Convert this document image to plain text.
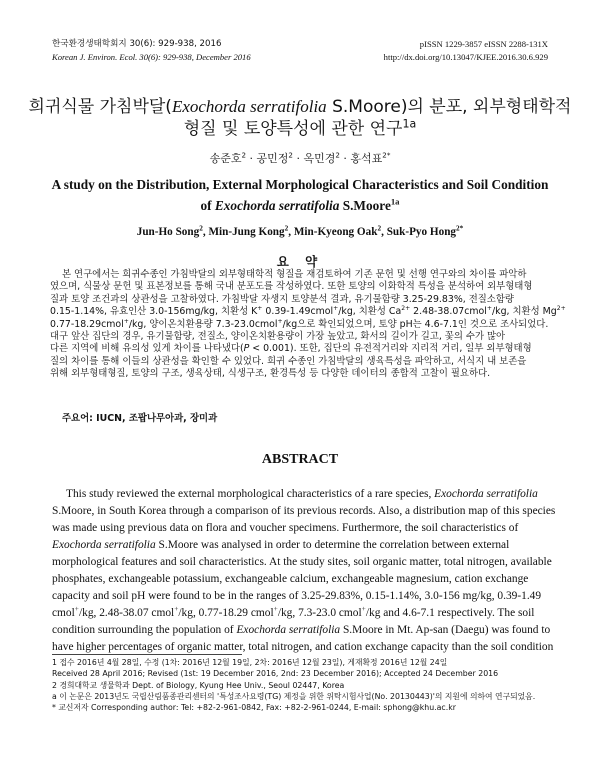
한국환경생태학회지 30(6): 929-938, 2016
Korean J. Environ. Ecol. 30(6): 929-938, December 2016
pISSN 1229-3857 eISSN 2288-131X
http://dx.doi.org/10.13047/KJEE.2016.30.6.929
희귀식물 가침박달(Exochorda serratifolia S.Moore)의 분포, 외부형태학적
형질 및 토양특성에 관한 연구$^{1a}$
송준호$^2$ · 공민정$^2$ · 옥민경$^2$ · 홍석표$^{2*}$
A study on the Distribution, External Morphological Characteristics and Soil Condition
of Exochorda serratifolia S.Moore$^{1a}$
Jun-Ho Song$^2$, Min-Jung Kong$^2$, Min-Kyeong Oak$^2$, Suk-Pyo Hong$^{2*}$
요 약
본 연구에서는 희귀수종인 가침박달의 외부형태학적 형질을 재검토하여 기존 문헌 및 선행 연구와의 차이를 파악하
였으며, 식물상 문헌 및 표본정보를 통해 국내 분포도를 작성하였다. 또한 토양의 이화학적 특성을 분석하여 외부형태형
질과 토양 조건과의 상관성을 고찰하였다. 가침박달 자생지 토양분석 결과, 유기물함량 3.25-29.83%, 전질소함량
0.15-1.14%, 유효인산 3.0-156mg/kg, 치환성 K+ 0.39-1.49cmol+/kg, 치환성 $Ca^{2+}$ 2.48-38.07cmol+/kg, 치환성 $Mg^{2+}$
0.77-18.29cmol+/kg, 양이온치환용량 7.3-23.0cmol+/kg으로 확인되었으며, 토양 pH는 4.6-7.1인 것으로 조사되었다.
대구 앞산 집단의 경우, 유기물함량, 전질소, 양이온치환용량이 가장 높았고, 화서의 길이가 길고, 꽃의 수가 많아
다른 지역에 비해 유의성 있게 차이를 나타냈다(P < 0.001). 또한, 집단의 유전적거리와 지리적 거리, 일부 외부형태형
질의 차이를 통해 이들의 상관성을 확인할 수 있었다. 희귀 수종인 가침박달의 생육특성을 파악하고, 서식지 내 보존을
위해 외부형태형질, 토양의 구조, 생육상태, 식생구조, 환경특성 등 다양한 데이터의 종합적 고찰이 필요하다.
주요어: IUCN, 조팝나무아과, 장미과
ABSTRACT
This study reviewed the external morphological characteristics of a rare species, Exochorda serratifolia
S.Moore, in South Korea through a comparison of its previous records. Also, a distribution map of this species
was made using previous data on flora and voucher specimens. Furthermore, the soil characteristics of
Exochorda serratifolia S.Moore was analysed in order to determine the correlation between external
morphological features and soil characteristics. At the study sites, soil organic matter, total nitrogen, available
phosphates, exchangeable potassium, exchangeable calcium, exchangeable magnesium, cation exchange
capacity and soil pH were found to be in the ranges of 3.25-29.83%, 0.15-1.14%, 3.0-156 mg/kg, 0.39-1.49
cmol+/kg, 2.48-38.07 cmol+/kg, 0.77-18.29 cmol+/kg, 7.3-23.0 cmol+/kg and 4.6-7.1 respectively. The soil
condition surrounding the population of Exochorda serratifolia S.Moore in Mt. Ap-san (Daegu) was found to
have higher percentages of organic matter, total nitrogen, and cation exchange capacity than the soil condition
1 접수 2016년 4월 28일, 수정 (1차: 2016년 12월 19일, 2차: 2016년 12월 23일), 게재확정 2016년 12월 24일
Received 28 April 2016; Revised (1st: 19 December 2016, 2nd: 23 December 2016); Accepted 24 December 2016
2 경희대학교 생물학과 Dept. of Biology, Kyung Hee Univ., Seoul 02447, Korea
a 이 논문은 2013년도 국립산림품종관리센터의 '특성조사요령(TG) 제정을 위한 위탁시험사업(No. 20130443)'의 지원에 의하여 연구되었음.
* 교신저자 Corresponding author: Tel: +82-2-961-0842, Fax: +82-2-961-0244, E-mail: sphong@khu.ac.kr
